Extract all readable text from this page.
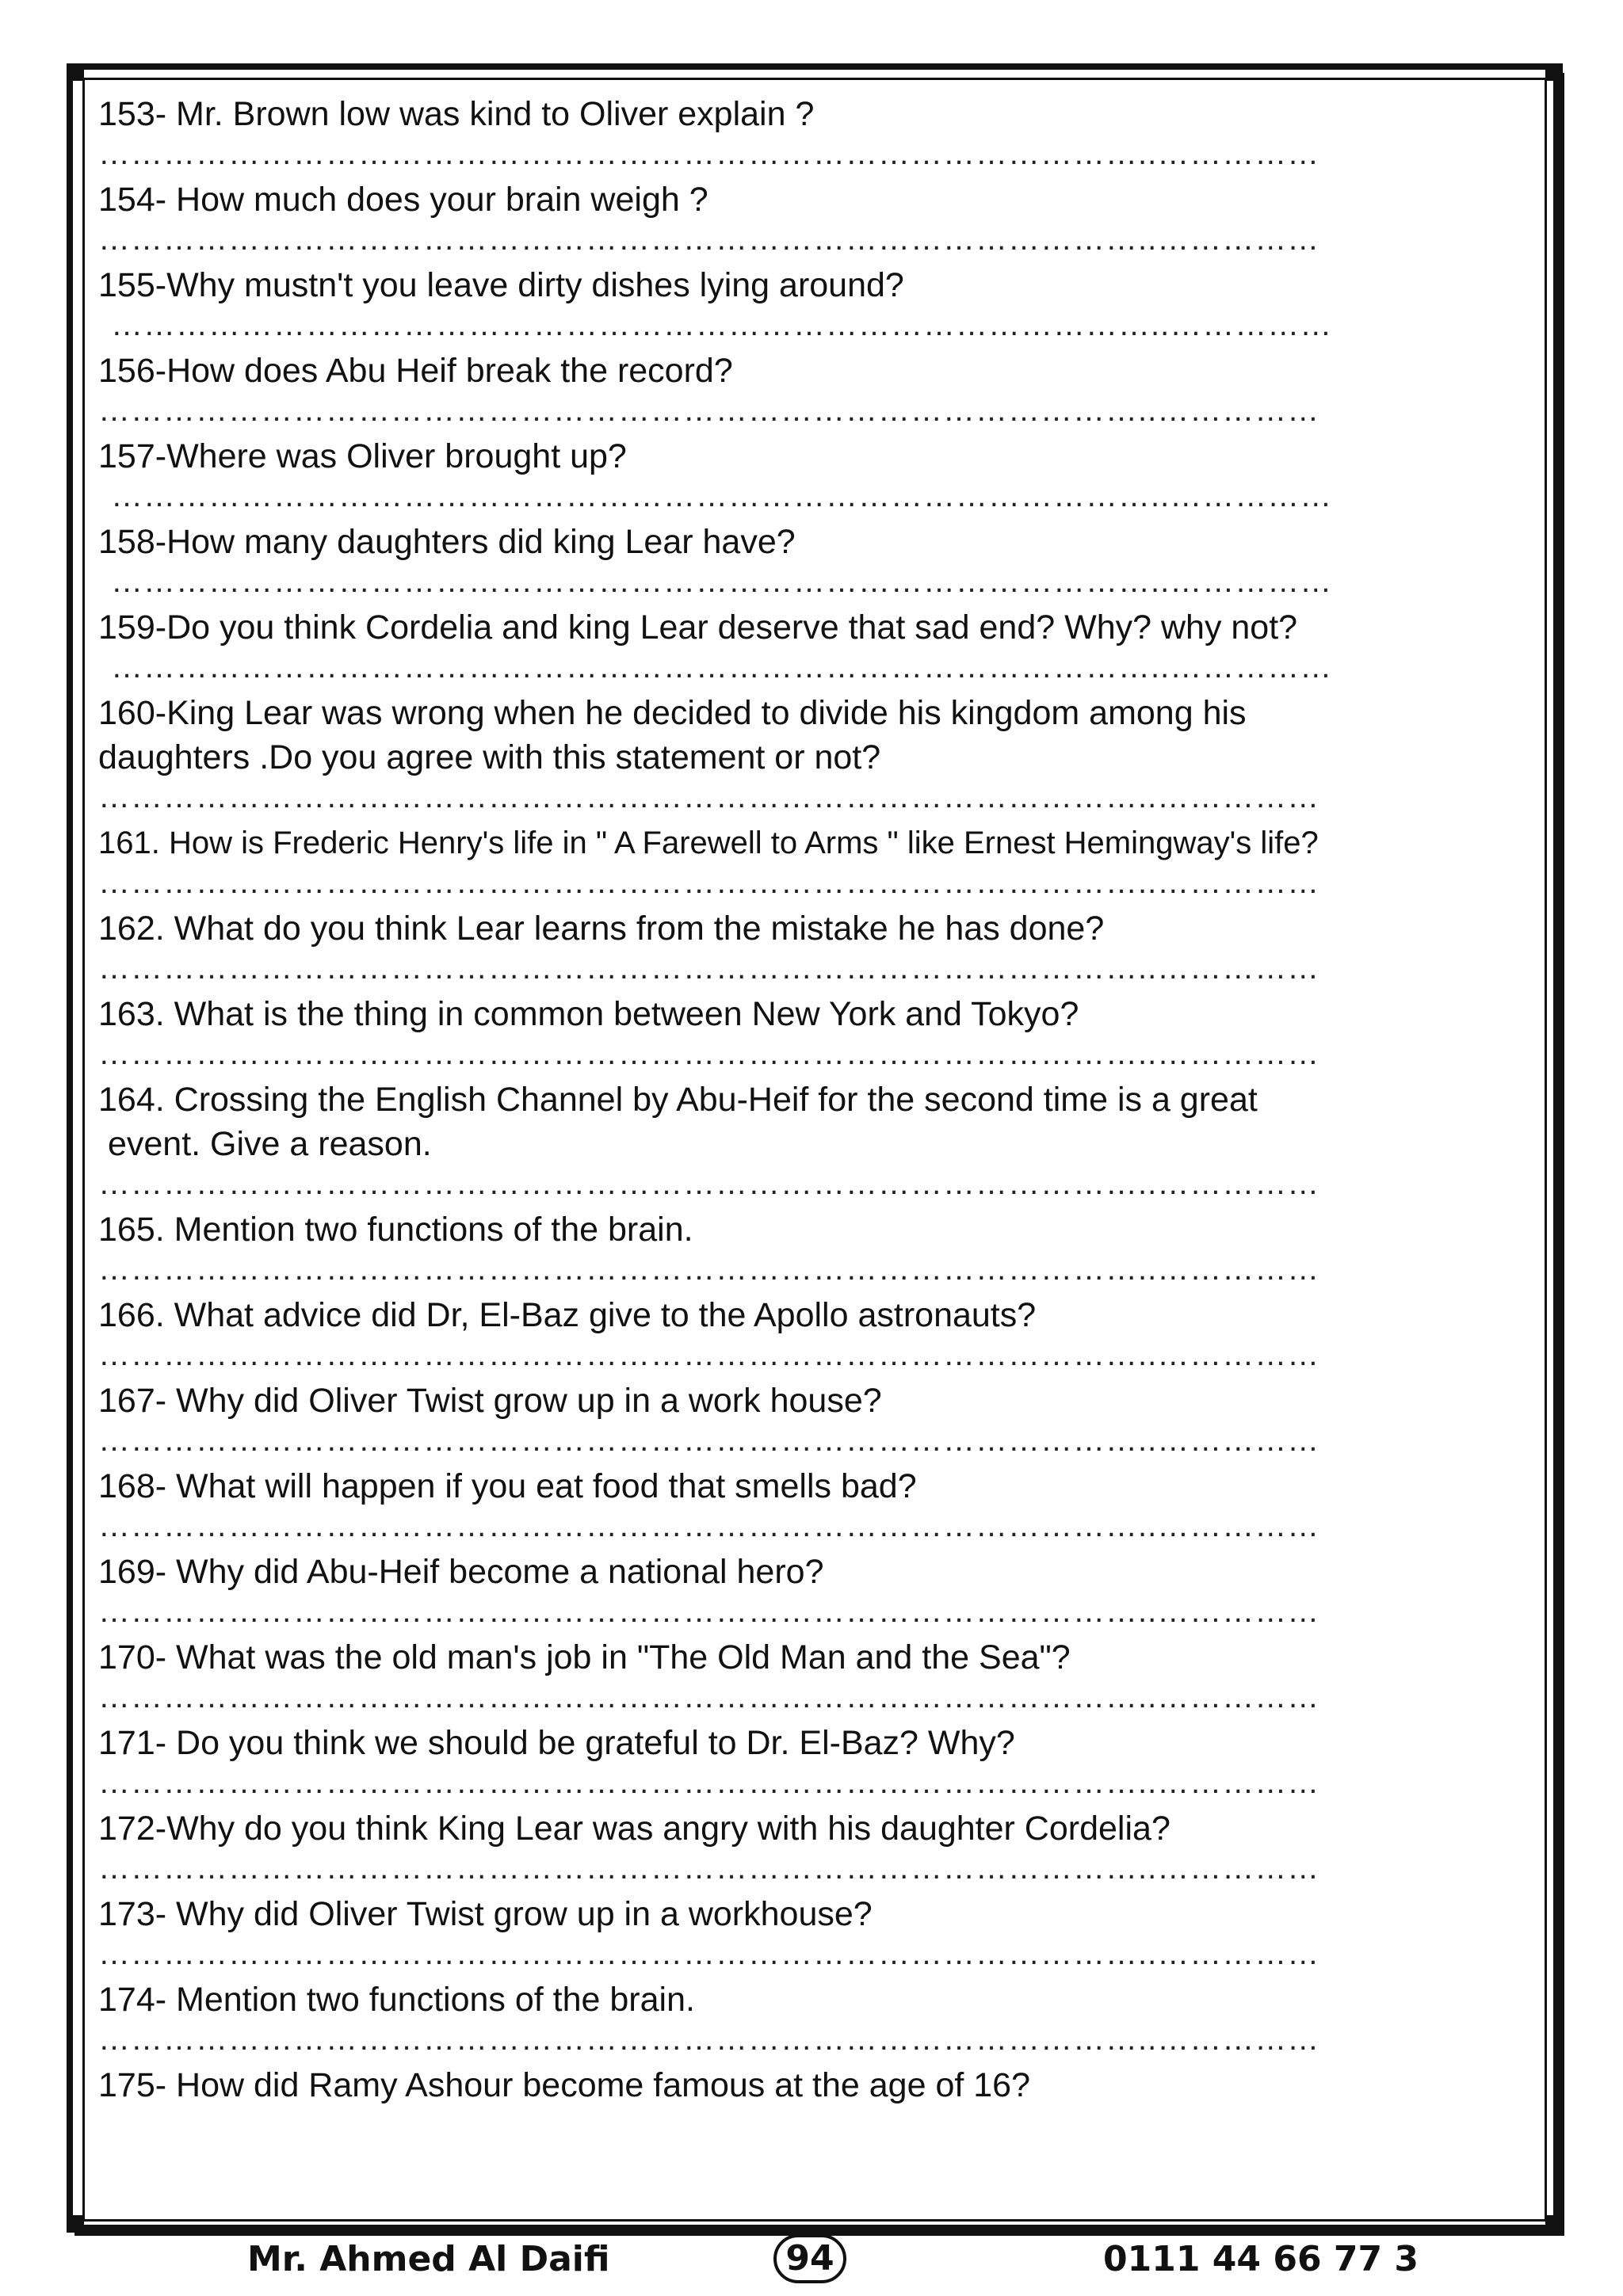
153- Mr. Brown low was kind to Oliver explain ?
……………………………………………………………………………………..……………
154- How much does your brain weigh ?
……………………………………………………………………………………..……………
155-Why mustn't you leave dirty dishes lying around?
……………………………………………………………………………………..……………
156-How does Abu Heif break the record?
……………………………………………………………………………………..……………
157-Where was Oliver brought up?
……………………………………………………………………………………..……………
158-How many daughters did king Lear have?
……………………………………………………………………………………..……………
159-Do you think Cordelia and king Lear deserve that sad end? Why? why not?
……………………………………………………………………………………..……………
160-King Lear was wrong when he decided to divide his kingdom among his
daughters .Do you agree with this statement or not?
……………………………………………………………………………………..……………
161. How is Frederic Henry's life in " A Farewell to Arms " like Ernest Hemingway's life?
……………………………………………………………………………………..……………
162. What do you think Lear learns from the mistake he has done?
……………………………………………………………………………………..……………
163. What is the thing in common between New York and Tokyo?
……………………………………………………………………………………..……………
164. Crossing the English Channel by Abu-Heif for the second time is a great
event. Give a reason.
……………………………………………………………………………………..……………
165. Mention two functions of the brain.
……………………………………………………………………………………..……………
166. What advice did Dr, El-Baz give to the Apollo astronauts?
……………………………………………………………………………………..……………
167- Why did Oliver Twist grow up in a work house?
……………………………………………………………………………………..……………
168- What will happen if you eat food that smells bad?
……………………………………………………………………………………..……………
169- Why did Abu-Heif become a national hero?
……………………………………………………………………………………..……………
170- What was the old man's job in "The Old Man and the Sea"?
……………………………………………………………………………………..……………
171- Do you think we should be grateful to Dr. El-Baz? Why?
……………………………………………………………………………………..……………
172-Why do you think King Lear was angry with his daughter Cordelia?
……………………………………………………………………………………..……………
173- Why did Oliver Twist grow up in a workhouse?
……………………………………………………………………………………..……………
174- Mention two functions of the brain.
……………………………………………………………………………………..……………
175- How did Ramy Ashour become famous at the age of 16?
Mr. Ahmed Al Daifi	94	0111 44 66 77 3
